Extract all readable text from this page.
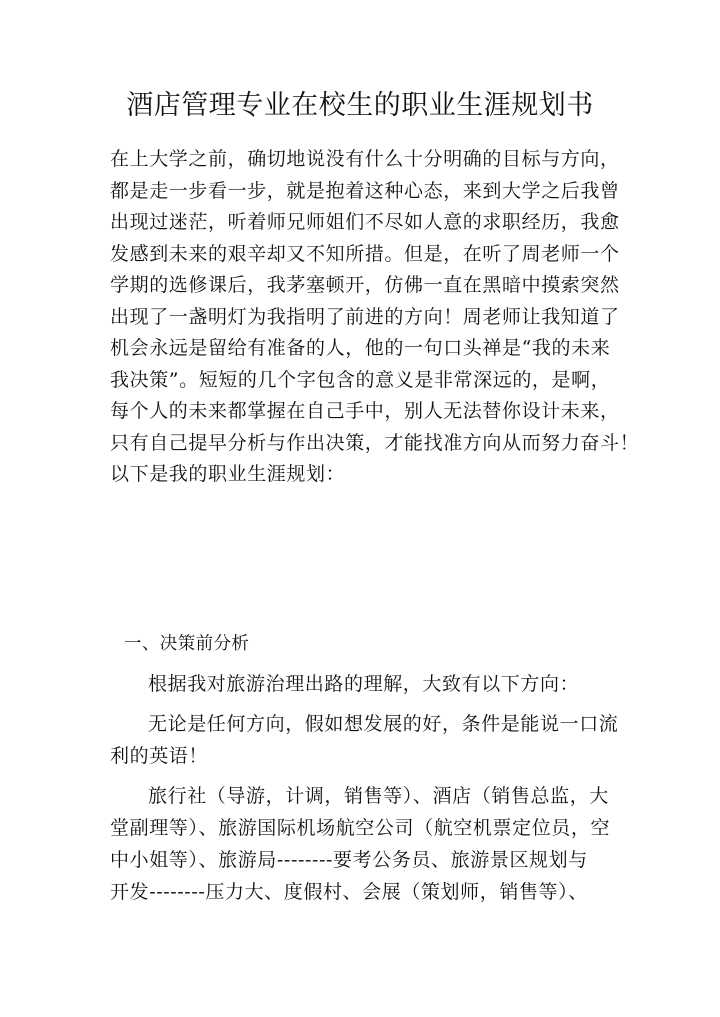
酒店管理专业在校生的职业生涯规划书
在上大学之前，确切地说没有什么十分明确的目标与方向，
都是走一步看一步，就是抱着这种心态，来到大学之后我曾
出现过迷茫，听着师兄师姐们不尽如人意的求职经历，我愈
发感到未来的艰辛却又不知所措。但是，在听了周老师一个
学期的选修课后，我茅塞顿开，仿佛一直在黑暗中摸索突然
出现了一盏明灯为我指明了前进的方向！周老师让我知道了
机会永远是留给有准备的人，他的一句口头禅是“我的未来
我决策”。短短的几个字包含的意义是非常深远的，是啊，
每个人的未来都掌握在自己手中，别人无法替你设计未来，
只有自己提早分析与作出决策，才能找准方向从而努力奋斗！
以下是我的职业生涯规划：
一、决策前分析
根据我对旅游治理出路的理解，大致有以下方向：
无论是任何方向，假如想发展的好，条件是能说一口流
利的英语！
旅行社（导游，计调，销售等）、酒店（销售总监，大
堂副理等）、旅游国际机场航空公司（航空机票定位员，空
中小姐等）、旅游局--------要考公务员、旅游景区规划与
开发--------压力大、度假村、会展（策划师，销售等）、
